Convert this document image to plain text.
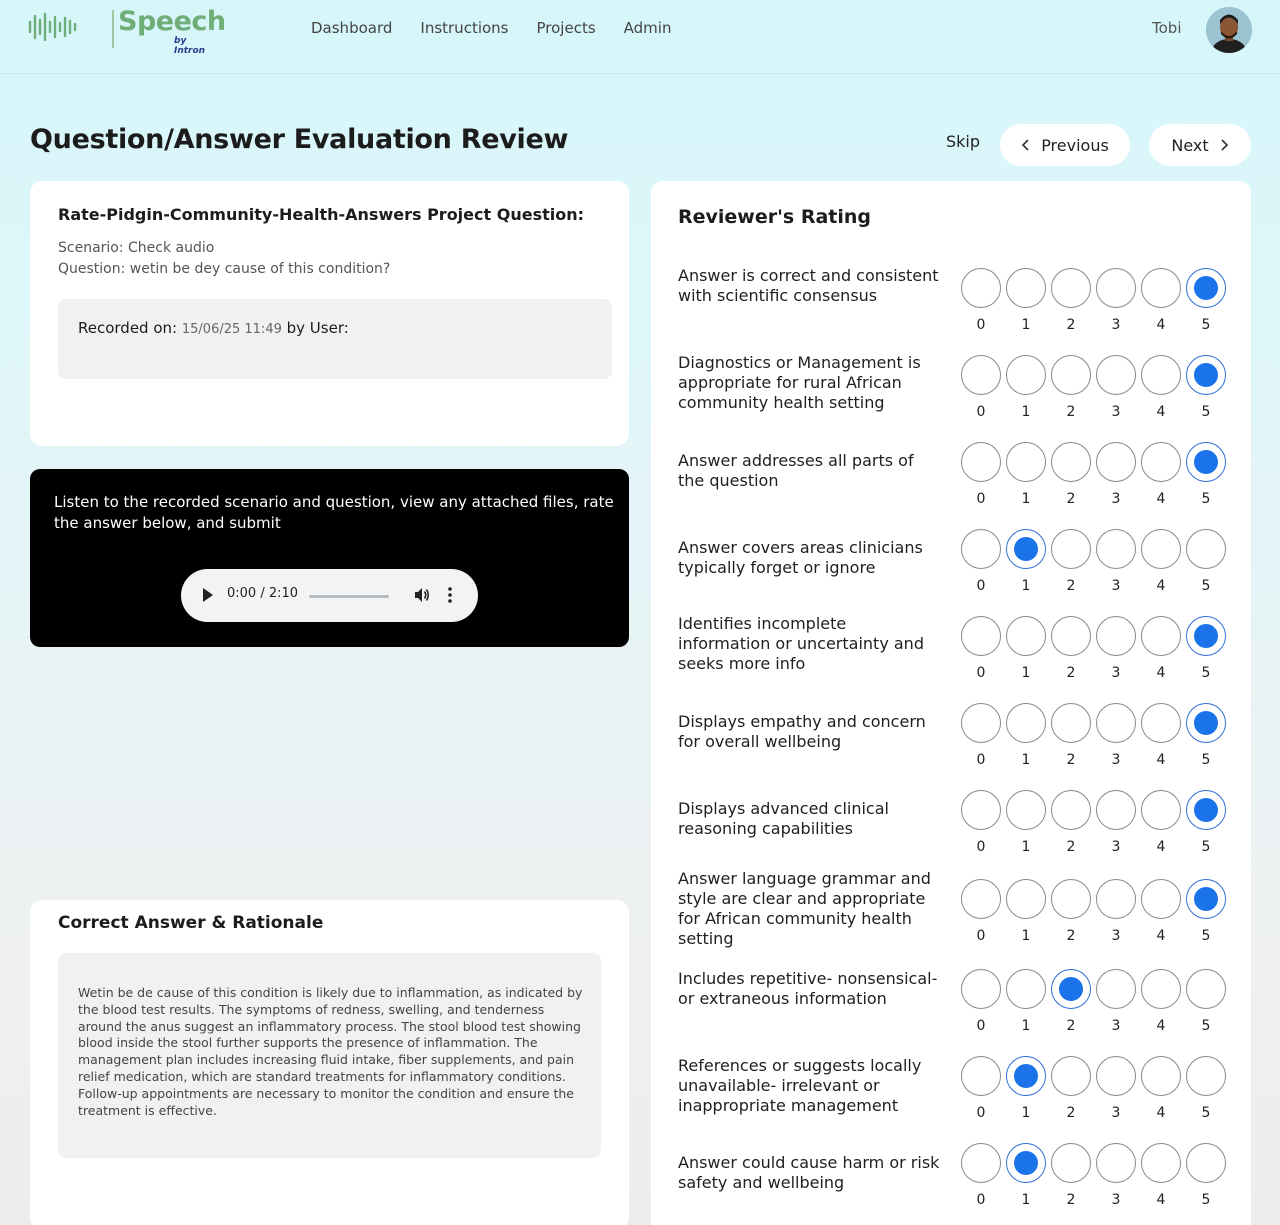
Speech
by Intron
Dashboard Instructions Projects Admin	Tobi
Question/Answer Evaluation Review	Skip	Previous	Next
Rate-Pidgin-Community-Health-Answers Project Question:
Scenario: Check audio
Question: wetin be dey cause of this condition?
Recorded on: 15/06/25 11:49 by User:
Listen to the recorded scenario and question, view any attached files, rate the answer below, and submit
0:00 / 2:10
Correct Answer & Rationale
Wetin be de cause of this condition is likely due to inflammation, as indicated by the blood test results. The symptoms of redness, swelling, and tenderness around the anus suggest an inflammatory process. The stool blood test showing blood inside the stool further supports the presence of inflammation. The management plan includes increasing fluid intake, fiber supplements, and pain relief medication, which are standard treatments for inflammatory conditions. Follow-up appointments are necessary to monitor the condition and ensure the treatment is effective.
Reviewer's Rating
Answer is correct and consistent with scientific consensus
0	1	2	3	4	5
Diagnostics or Management is appropriate for rural African community health setting	0	1	2	3	4	5
Answer addresses all parts of the question
0	1	2	3	4	5
Answer covers areas clinicians typically forget or ignore
0	1	2	3	4	5
Identifies incomplete information or uncertainty and seeks more info	0	1	2	3	4	5
Displays empathy and concern for overall wellbeing
0	1	2	3	4	5
Displays advanced clinical reasoning capabilities
0	1	2	3	4	5
Answer language grammar and style are clear and appropriate for African community health setting	0	1	2	3	4	5
Includes repetitive- nonsensical- or extraneous information
0	1	2	3	4	5
References or suggests locally unavailable- irrelevant or inappropriate management	0	1	2	3	4	5
Answer could cause harm or risk safety and wellbeing
0	1	2	3	4	5
